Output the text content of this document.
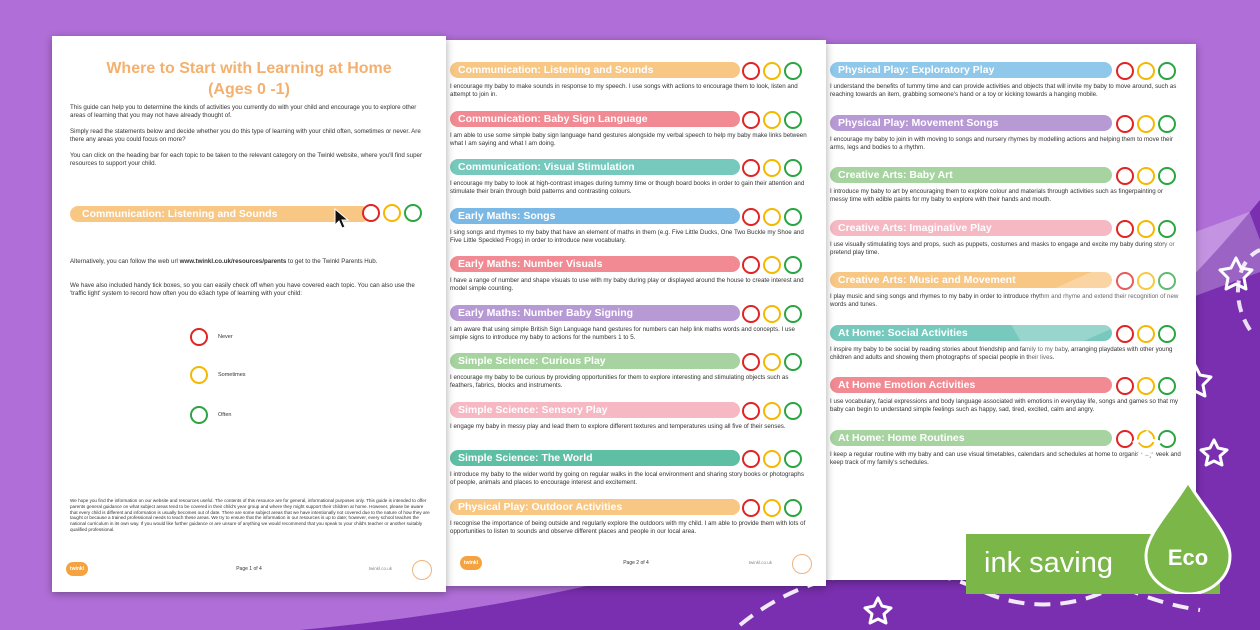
Physical Play: Exploratory Play
I understand the benefits of tummy time and can provide activities and objects that will invite my baby to move around, such as reaching towards an item, grabbing someone's hand or a toy or kicking towards a hanging mobile.
Physical Play: Movement Songs
I encourage my baby to join in with moving to songs and nursery rhymes by modelling actions and helping them to move their arms, legs and bodies to a rhythm.
Creative Arts: Baby Art
I introduce my baby to art by encouraging them to explore colour and materials through activities such as fingerpainting or messy time with edible paints for my baby to explore with their hands and mouth.
Creative Arts: Imaginative Play
I use visually stimulating toys and props, such as puppets, costumes and masks to engage and excite my baby during story or pretend play time.
Creative Arts: Music and Movement
I play music and sing songs and rhymes to my baby in order to introduce rhythm and rhyme and extend their recognition of new words and tunes.
At Home: Social Activities
I inspire my baby to be social by reading stories about friendship and family to my baby, arranging playdates with other young children and adults and showing them photographs of special people in their lives.
At Home Emotion Activities
I use vocabulary, facial expressions and body language associated with emotions in everyday life, songs and games so that my baby can begin to understand simple feelings such as happy, sad, tired, excited, calm and angry.
At Home: Home Routines
I keep a regular routine with my baby and can use visual timetables, calendars and schedules at home to organise my week and keep track of my family's schedules.
twinkl	Page 2 of 4	twinkl.co.uk
Communication: Listening and Sounds
I encourage my baby to make sounds in response to my speech. I use songs with actions to encourage them to look, listen and attempt to join in.
Communication: Baby Sign Language
I am able to use some simple baby sign language hand gestures alongside my verbal speech to help my baby make links between what I am saying and what I am doing.
Communication: Visual Stimulation
I encourage my baby to look at high-contrast images during tummy time or though board books in order to gain their attention and stimulate their brain through bold patterns and contrasting colours.
Early Maths: Songs
I sing songs and rhymes to my baby that have an element of maths in them (e.g. Five Little Ducks, One Two Buckle my Shoe and Five Little Speckled Frogs) in order to introduce new vocabulary.
Early Maths: Number Visuals
I have a range of number and shape visuals to use with my baby during play or displayed around the house to create interest and model simple counting.
Early Maths: Number Baby Signing
I am aware that using simple British Sign Language hand gestures for numbers can help link maths words and concepts. I use simple signs to introduce my baby to actions for the numbers 1 to 5.
Simple Science: Curious Play
I encourage my baby to be curious by providing opportunities for them to explore interesting and stimulating objects such as feathers, fabrics, blocks and instruments.
Simple Science: Sensory Play
I engage my baby in messy play and lead them to explore different textures and temperatures using all five of their senses.
Simple Science: The World
I introduce my baby to the wider world by going on regular walks in the local environment and sharing story books or photographs of people, animals and places to encourage interest and excitement.
Physical Play: Outdoor Activities
I recognise the importance of being outside and regularly explore the outdoors with my child. I am able to provide them with lots of opportunities to listen to sounds and observe different places and people in our local area.
Where to Start with Learning at Home
(Ages 0 -1)
This guide can help you to determine the kinds of activities you currently do with your child and encourage you to explore other areas of learning that you may not have already thought of.
Simply read the statements below and decide whether you do this type of learning with your child often, sometimes or never. Are there any areas you could focus on more?
You can click on the heading bar for each topic to be taken to the relevant category on the Twinkl website, where you'll find super resources to support your child.
Communication: Listening and Sounds
Alternatively, you can follow the web url www.twinkl.co.uk/resources/parents to get to the Twinkl Parents Hub.
We have also included handy tick boxes, so you can easily check off when you have covered each topic. You can also use the 'traffic light' system to record how often you do e3ach type of learning with your child:
Never
Sometimes
Often
We hope you find the information on our website and resources useful. The contents of this resource are for general, informational purposes only. This guide is intended to offer parents general guidance on what subject areas tend to be covered in their child's year group and where they might support their children at home. However, please be aware that every child is different and information is usually becomes out of date. There are some subject areas that we have intentionally not covered due to the nature of how they are taught or because a trained professional needs to teach these areas. We try to ensure that the information in our resources is up to date; however, every school teaches the national curriculum in its own way. If you would like further guidance or are unsure of anything we would recommend that you speak to your child's teacher or another suitably qualified professional.
twinkl	Page 1 of 4	twinkl.co.uk	ink saving	Eco
